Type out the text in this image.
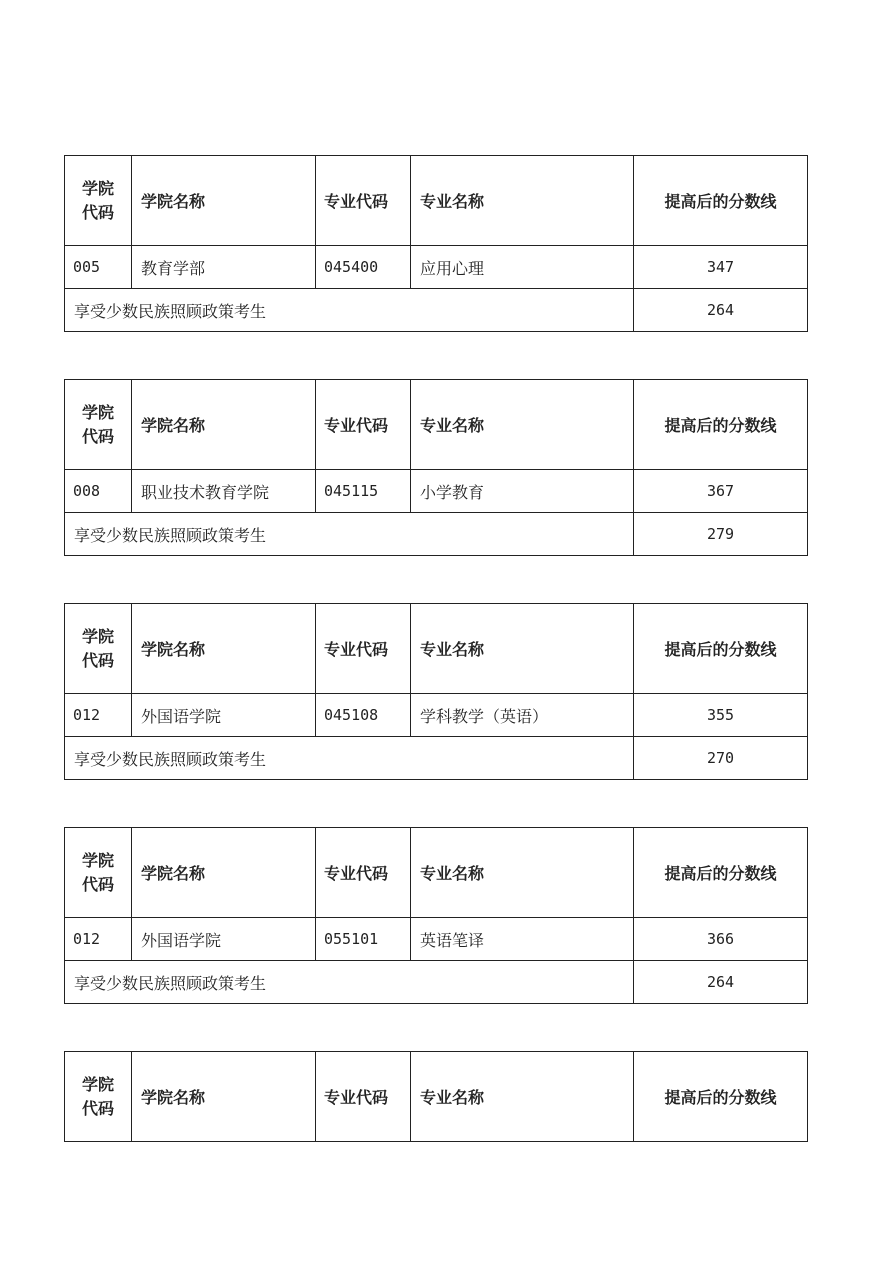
学院
代码	学院名称	专业代码	专业名称	提高后的分数线
005	教育学部	045400	应用心理	347
享受少数民族照顾政策考生				264
学院
代码	学院名称	专业代码	专业名称	提高后的分数线
008	职业技术教育学院	045115	小学教育	367
享受少数民族照顾政策考生				279
学院
代码	学院名称	专业代码	专业名称	提高后的分数线
012	外国语学院	045108	学科教学（英语）	355
享受少数民族照顾政策考生				270
学院
代码	学院名称	专业代码	专业名称	提高后的分数线
012	外国语学院	055101	英语笔译	366
享受少数民族照顾政策考生				264
学院
代码	学院名称	专业代码	专业名称	提高后的分数线
